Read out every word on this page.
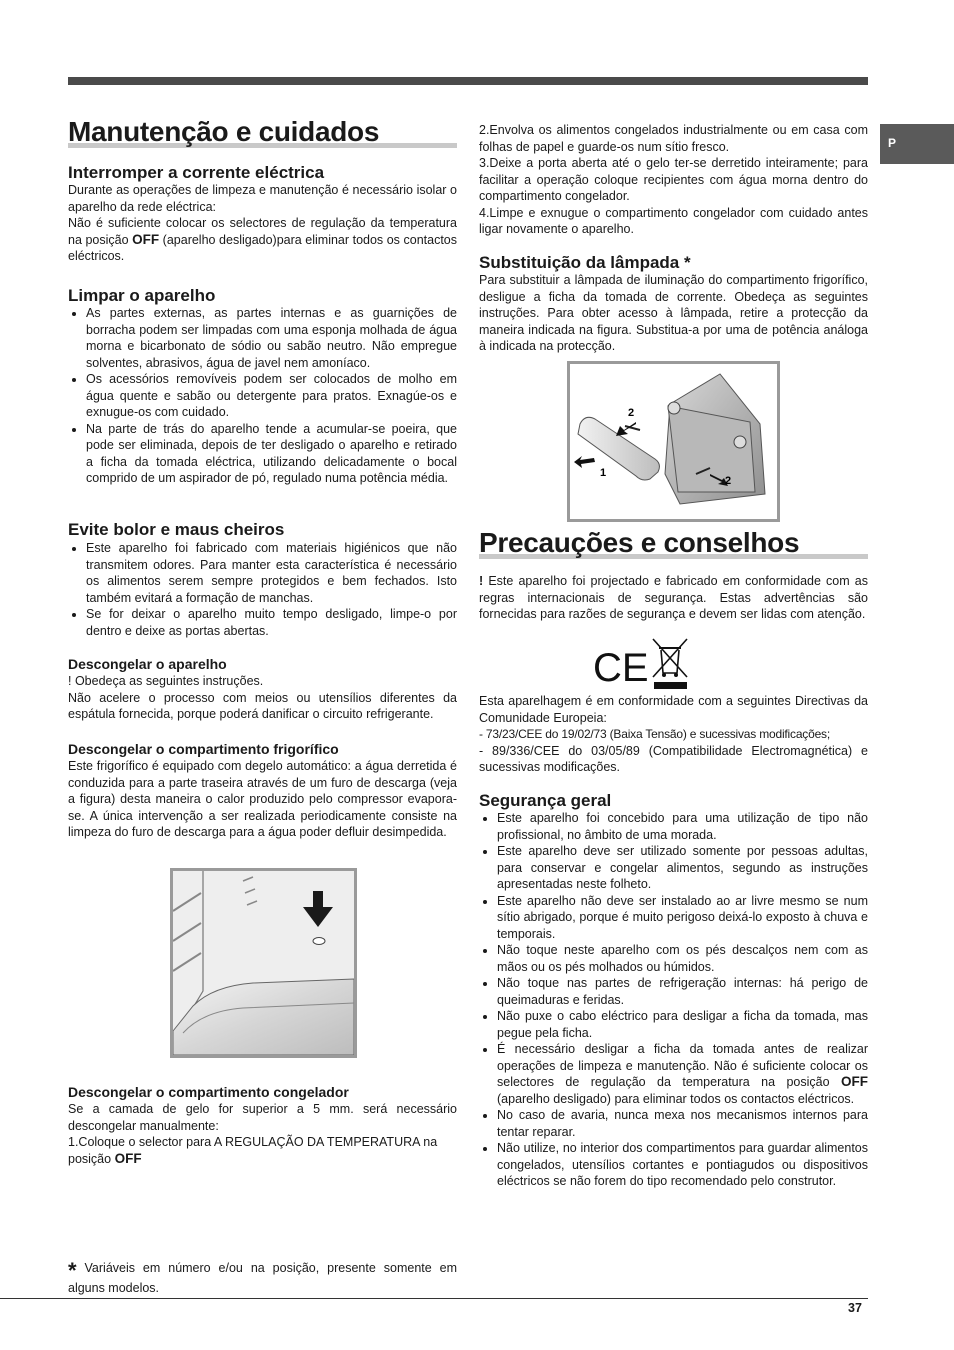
P
Manutenção e cuidados
Interromper a corrente eléctrica
Durante as operações de limpeza e manutenção é necessário isolar o aparelho da rede eléctrica:
Não é suficiente colocar os selectores de regulação da temperatura na posição OFF (aparelho desligado)para eliminar todos os contactos eléctricos.
Limpar o aparelho
• As partes externas, as partes internas e as guarnições de borracha podem ser limpadas com uma esponja molhada de água morna e bicarbonato de sódio ou sabão neutro. Não empregue solventes, abrasivos, água de javel nem amoníaco.
• Os acessórios removíveis podem ser colocados de molho em água quente e sabão ou detergente para pratos. Exnagúe-os e exnugue-os com cuidado.
• Na parte de trás do aparelho tende a acumular-se poeira, que pode ser eliminada, depois de ter desligado o aparelho e retirado a ficha da tomada eléctrica, utilizando delicadamente o bocal comprido de um aspirador de pó, regulado numa potência média.
Evite bolor e maus cheiros
• Este aparelho foi fabricado com materiais higiénicos que não transmitem odores. Para manter esta característica é necessário os alimentos serem sempre protegidos e bem fechados. Isto também evitará a formação de manchas.
• Se for deixar o aparelho muito tempo desligado, limpe-o por dentro e deixe as portas abertas.
Descongelar o aparelho
! Obedeça as seguintes instruções.
Não acelere o processo com meios ou utensílios diferentes da espátula fornecida, porque poderá danificar o circuito refrigerante.
Descongelar o compartimento frigorífico
Este frigorífico é equipado com degelo automático: a água derretida é conduzida para a parte traseira através de um furo de descarga (veja a figura) desta maneira o calor produzido pelo compressor evapora-se. A única intervenção a ser realizada periodicamente consiste na limpeza do furo de descarga para a água poder defluir desimpedida.
Descongelar o compartimento congelador
Se a camada de gelo for superior a 5 mm. será necessário descongelar manualmente:
1.Coloque o selector para A REGULAÇÃO DA TEMPERATURA na posição OFF
* Variáveis em número e/ou na posição, presente somente em alguns modelos.
2.Envolva os alimentos congelados industrialmente ou em casa com folhas de papel e guarde-os num sítio fresco.
3.Deixe a porta aberta até o gelo ter-se derretido inteiramente; para facilitar a operação coloque recipientes com água morna dentro do compartimento congelador.
4.Limpe e exnugue o compartimento congelador com cuidado antes ligar novamente o aparelho.
Substituição da lâmpada *
Para substituir a lâmpada de iluminação do compartimento frigorífico, desligue a ficha da tomada de corrente. Obedeça as seguintes instruções. Para obter acesso à lâmpada, retire a protecção da maneira indicada na figura. Substitua-a por uma de potência análoga à indicada na protecção.
2
1
2
Precauções e conselhos
! Este aparelho foi projectado e fabricado em conformidade com as regras internacionais de segurança. Estas advertências são fornecidas para razões de segurança e devem ser lidas com atenção.
CE
Esta aparelhagem é em conformidade com a seguintes Directivas da Comunidade Europeia:
- 73/23/CEE do 19/02/73 (Baixa Tensão) e sucessivas modificações;
- 89/336/CEE do 03/05/89 (Compatibilidade Electromagnética) e sucessivas modificações.
Segurança geral
• Este aparelho foi concebido para uma utilização de tipo não profissional, no âmbito de uma morada.
• Este aparelho deve ser utilizado somente por pessoas adultas, para conservar e congelar alimentos, segundo as instruções apresentadas neste folheto.
• Este aparelho não deve ser instalado ao ar livre mesmo se num sítio abrigado, porque é muito perigoso deixá-lo exposto à chuva e temporais.
• Não toque neste aparelho com os pés descalços nem com as mãos ou os pés molhados ou húmidos.
• Não toque nas partes de refrigeração internas: há perigo de queimaduras e feridas.
• Não puxe o cabo eléctrico para desligar a ficha da tomada, mas pegue pela ficha.
• É necessário desligar a ficha da tomada antes de realizar operações de limpeza e manutenção. Não é suficiente colocar os selectores de regulação da temperatura na posição OFF (aparelho desligado) para eliminar todos os contactos eléctricos.
• No caso de avaria, nunca mexa nos mecanismos internos para tentar reparar.
• Não utilize, no interior dos compartimentos para guardar alimentos congelados, utensílios cortantes e pontiagudos ou dispositivos eléctricos se não forem do tipo recomendado pelo construtor.
37
